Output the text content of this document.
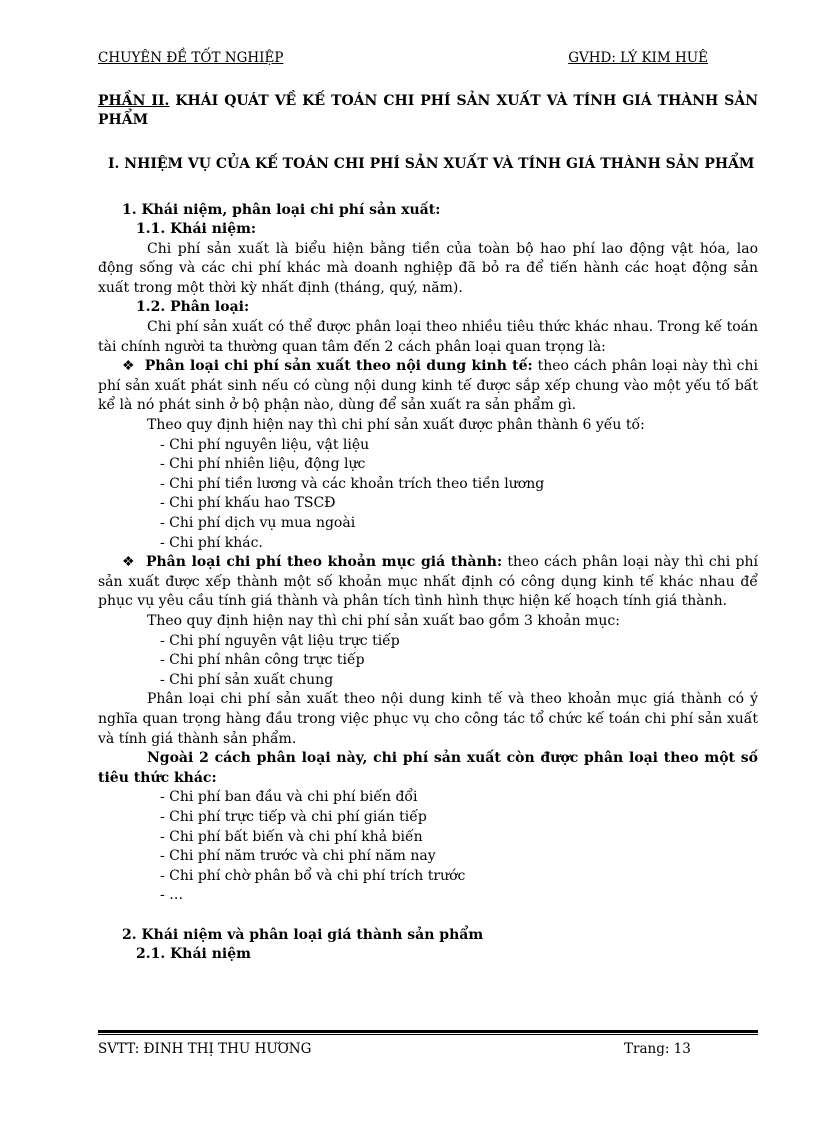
CHUYÊN ĐỀ TỐT NGHIỆP	GVHD: LÝ KIM HUÊ
PHẦN II. KHÁI QUÁT VỀ KẾ TOÁN CHI PHÍ SẢN XUẤT VÀ TÍNH GIÁ THÀNH SẢN PHẨM
I. NHIỆM VỤ CỦA KẾ TOÁN CHI PHÍ SẢN XUẤT VÀ TÍNH GIÁ THÀNH SẢN PHẨM
1. Khái niệm, phân loại chi phí sản xuất:
1.1. Khái niệm:
Chi phí sản xuất là biểu hiện bằng tiền của toàn bộ hao phí lao động vật hóa, lao động sống và các chi phí khác mà doanh nghiệp đã bỏ ra để tiến hành các hoạt động sản xuất trong một thời kỳ nhất định (tháng, quý, năm).
1.2. Phân loại:
Chi phí sản xuất có thể được phân loại theo nhiều tiêu thức khác nhau. Trong kế toán tài chính người ta thường quan tâm đến 2 cách phân loại quan trọng là:
❖ Phân loại chi phí sản xuất theo nội dung kinh tế: theo cách phân loại này thì chi phí sản xuất phát sinh nếu có cùng nội dung kinh tế được sắp xếp chung vào một yếu tố bất kể là nó phát sinh ở bộ phận nào, dùng để sản xuất ra sản phẩm gì.
Theo quy định hiện nay thì chi phí sản xuất được phân thành 6 yếu tố:
- Chi phí nguyên liệu, vật liệu
- Chi phí nhiên liệu, động lực
- Chi phí tiền lương và các khoản trích theo tiền lương
- Chi phí khấu hao TSCĐ
- Chi phí dịch vụ mua ngoài
- Chi phí khác.
❖ Phân loại chi phí theo khoản mục giá thành: theo cách phân loại này thì chi phí sản xuất được xếp thành một số khoản mục nhất định có công dụng kinh tế khác nhau để phục vụ yêu cầu tính giá thành và phân tích tình hình thực hiện kế hoạch tính giá thành.
Theo quy định hiện nay thì chi phí sản xuất bao gồm 3 khoản mục:
- Chi phí nguyên vật liệu trực tiếp
- Chi phí nhân công trực tiếp
- Chi phí sản xuất chung
Phân loại chi phí sản xuất theo nội dung kinh tế và theo khoản mục giá thành có ý nghĩa quan trọng hàng đầu trong việc phục vụ cho công tác tổ chức kế toán chi phí sản xuất và tính giá thành sản phẩm.
Ngoài 2 cách phân loại này, chi phí sản xuất còn được phân loại theo một số tiêu thức khác:
- Chi phí ban đầu và chi phí biến đổi
- Chi phí trực tiếp và chi phí gián tiếp
- Chi phí bất biến và chi phí khả biến
- Chi phí năm trước và chi phí năm nay
- Chi phí chờ phân bổ và chi phí trích trước
- …
2. Khái niệm và phân loại giá thành sản phẩm
2.1. Khái niệm
SVTT: ĐINH THỊ THU HƯƠNG	Trang: 13
